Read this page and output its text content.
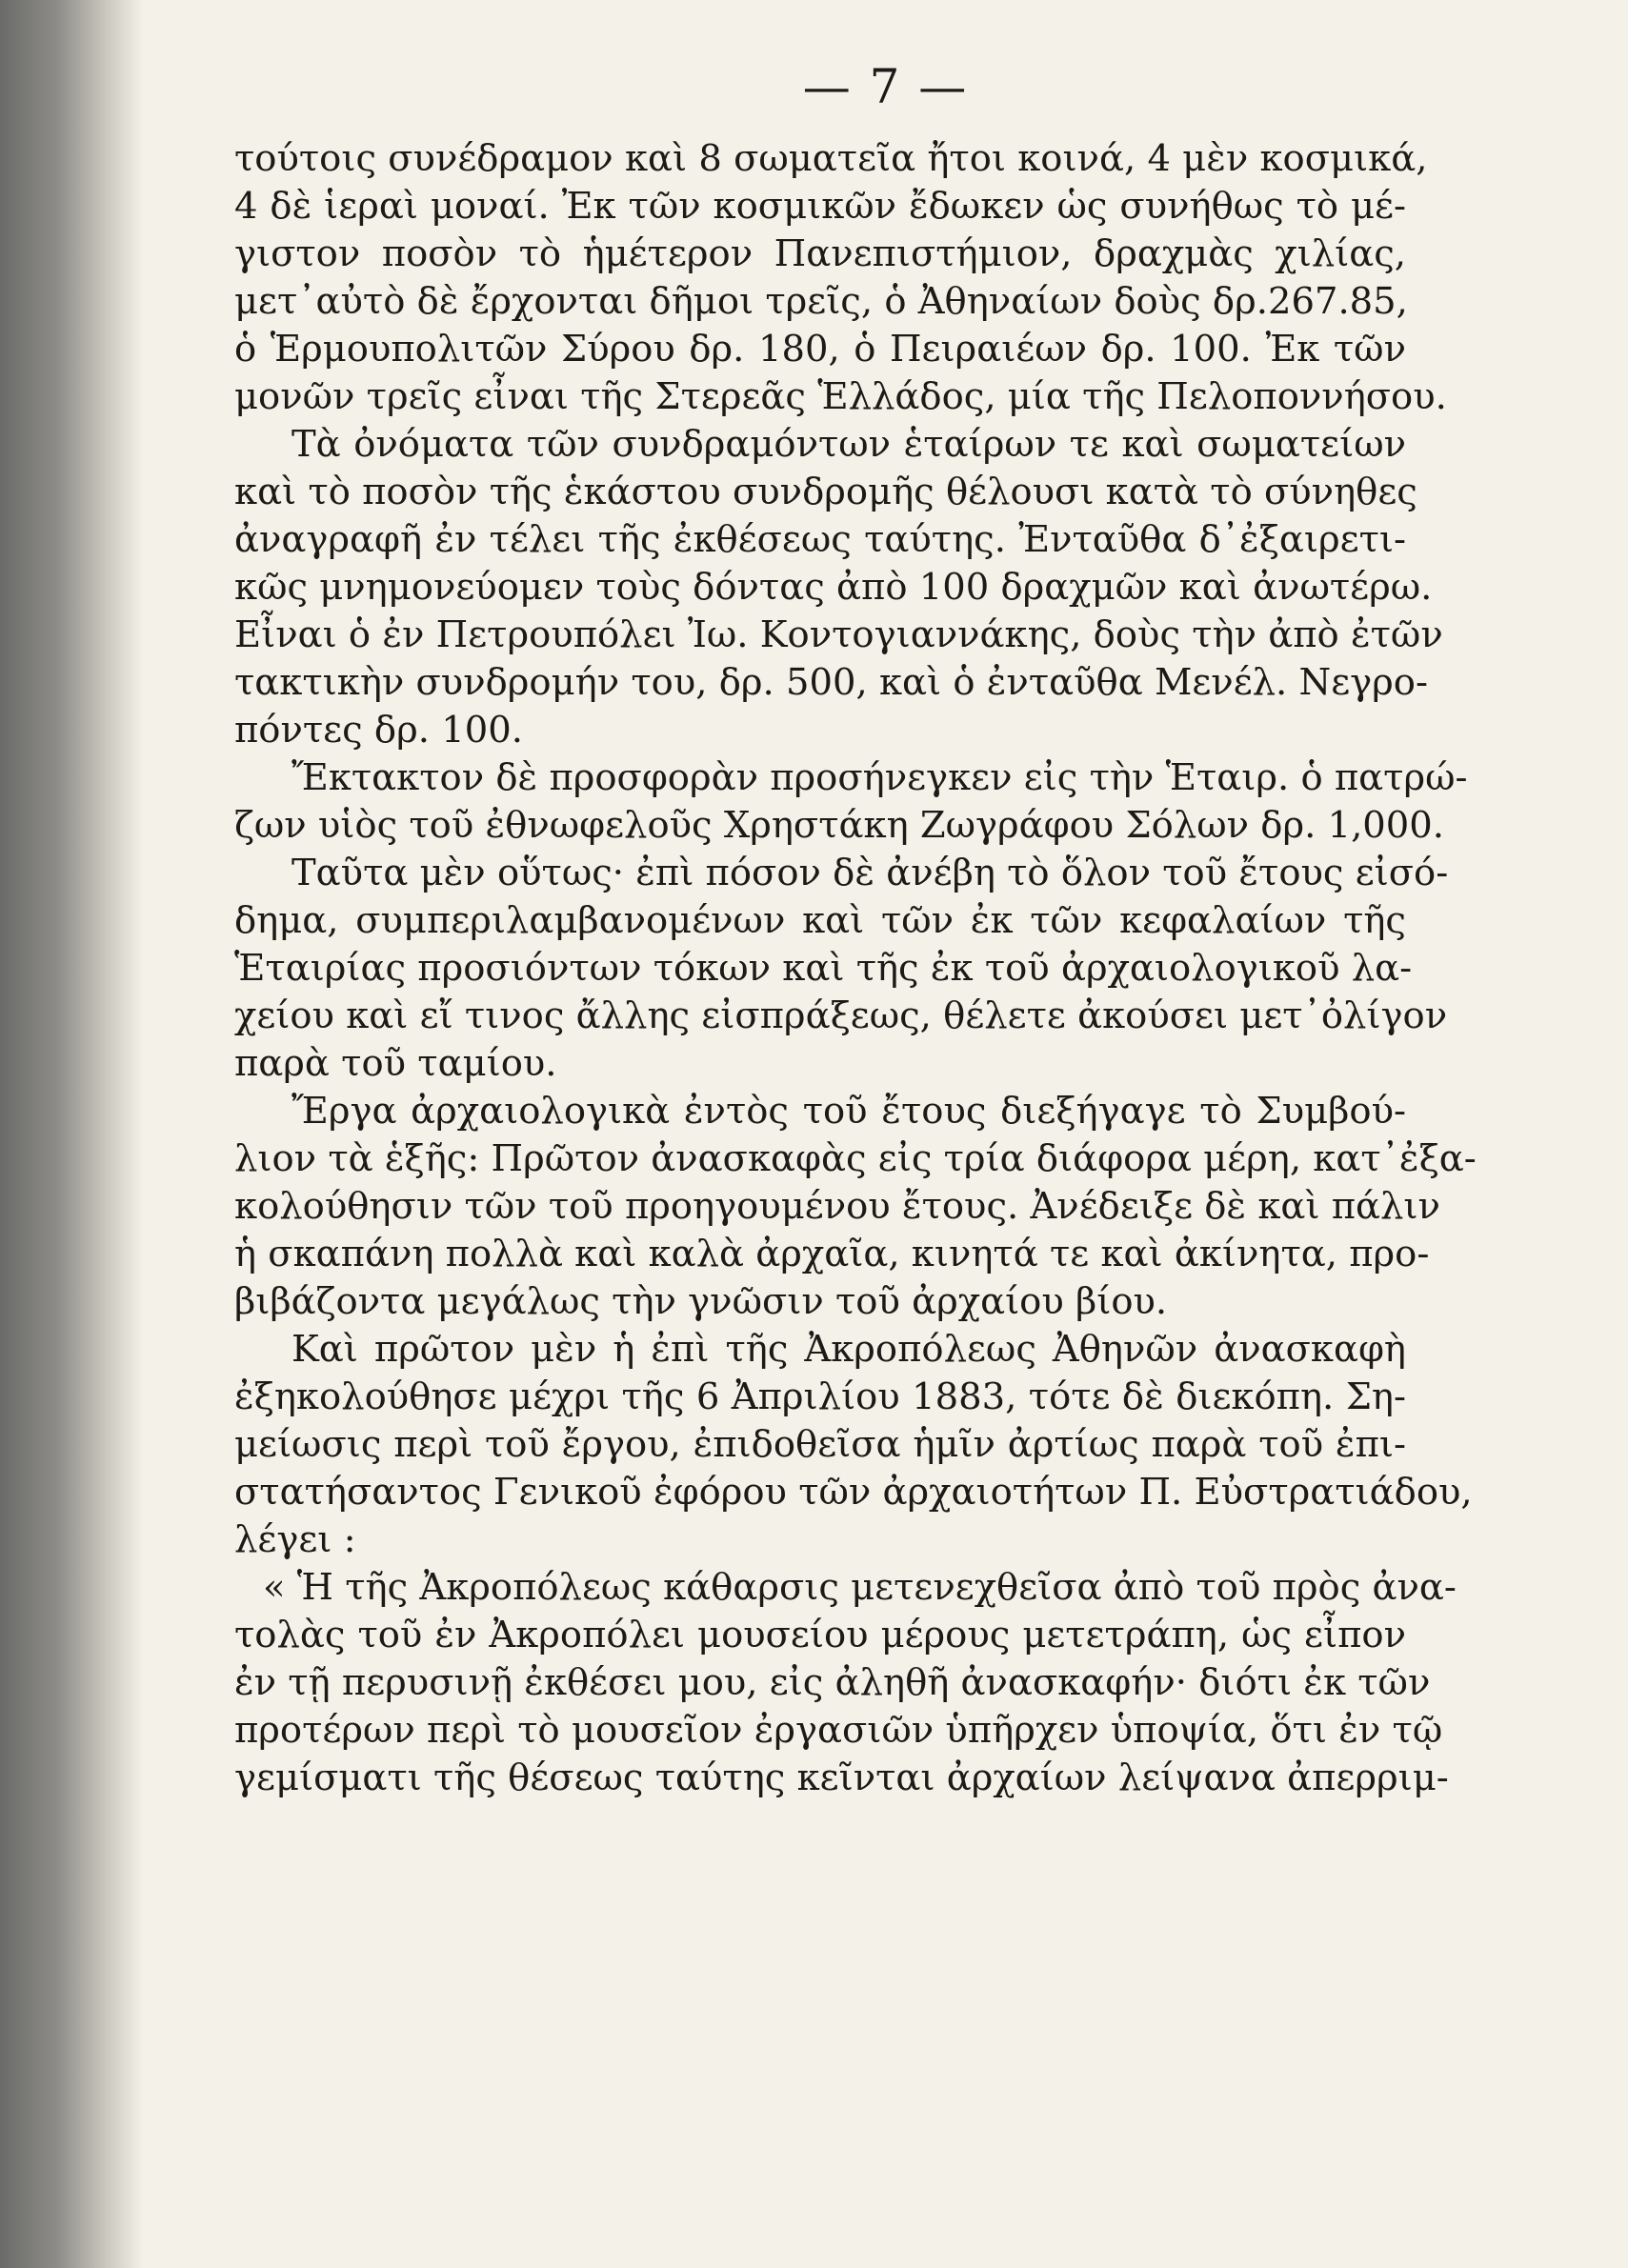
— 7 —
τούτοις συνέδραμον καὶ 8 σωματεῖα ἤτοι κοινά, 4 μὲν κοσμικά,
4 δὲ ἱεραὶ μοναί. Ἐκ τῶν κοσμικῶν ἔδωκεν ὡς συνήθως τὸ μέ-
γιστον ποσὸν τὸ ἡμέτερον Πανεπιστήμιον, δραχμὰς χιλίας,
μετ᾽αὐτὸ δὲ ἔρχονται δῆμοι τρεῖς, ὁ Ἀθηναίων δοὺς δρ.267.85,
ὁ Ἑρμουπολιτῶν Σύρου δρ. 180, ὁ Πειραιέων δρ. 100. Ἐκ τῶν
μονῶν τρεῖς εἶναι τῆς Στερεᾶς Ἑλλάδος, μία τῆς Πελοποννήσου.
Τὰ ὀνόματα τῶν συνδραμόντων ἑταίρων τε καὶ σωματείων
καὶ τὸ ποσὸν τῆς ἑκάστου συνδρομῆς θέλουσι κατὰ τὸ σύνηθες
ἀναγραφῆ ἐν τέλει τῆς ἐκθέσεως ταύτης. Ἐνταῦθα δ᾽ἐξαιρετι-
κῶς μνημονεύομεν τοὺς δόντας ἀπὸ 100 δραχμῶν καὶ ἀνωτέρω.
Εἶναι ὁ ἐν Πετρουπόλει Ἰω. Κοντογιαννάκης, δοὺς τὴν ἀπὸ ἐτῶν
τακτικὴν συνδρομήν του, δρ. 500, καὶ ὁ ἐνταῦθα Μενέλ. Νεγρο-
πόντες δρ. 100.
Ἔκτακτον δὲ προσφορὰν προσήνεγκεν εἰς τὴν Ἑταιρ. ὁ πατρώ-
ζων υἱὸς τοῦ ἐθνωφελοῦς Χρηστάκη Ζωγράφου Σόλων δρ. 1,000.
Ταῦτα μὲν οὕτως· ἐπὶ πόσον δὲ ἀνέβη τὸ ὅλον τοῦ ἔτους εἰσό-
δημα, συμπεριλαμβανομένων καὶ τῶν ἐκ τῶν κεφαλαίων τῆς
Ἑταιρίας προσιόντων τόκων καὶ τῆς ἐκ τοῦ ἀρχαιολογικοῦ λα-
χείου καὶ εἴ τινος ἄλλης εἰσπράξεως, θέλετε ἀκούσει μετ᾽ὀλίγον
παρὰ τοῦ ταμίου.
Ἔργα ἀρχαιολογικὰ ἐντὸς τοῦ ἔτους διεξήγαγε τὸ Συμβού-
λιον τὰ ἑξῆς: Πρῶτον ἀνασκαφὰς εἰς τρία διάφορα μέρη, κατ᾽ἐξα-
κολούθησιν τῶν τοῦ προηγουμένου ἔτους. Ἀνέδειξε δὲ καὶ πάλιν
ἡ σκαπάνη πολλὰ καὶ καλὰ ἀρχαῖα, κινητά τε καὶ ἀκίνητα, προ-
βιβάζοντα μεγάλως τὴν γνῶσιν τοῦ ἀρχαίου βίου.
Καὶ πρῶτον μὲν ἡ ἐπὶ τῆς Ἀκροπόλεως Ἀθηνῶν ἀνασκαφὴ
ἐξηκολούθησε μέχρι τῆς 6 Ἀπριλίου 1883, τότε δὲ διεκόπη. Ση-
μείωσις περὶ τοῦ ἔργου, ἐπιδοθεῖσα ἡμῖν ἀρτίως παρὰ τοῦ ἐπι-
στατήσαντος Γενικοῦ ἐφόρου τῶν ἀρχαιοτήτων Π. Εὐστρατιάδου,
λέγει :
« Ἡ τῆς Ἀκροπόλεως κάθαρσις μετενεχθεῖσα ἀπὸ τοῦ πρὸς ἀνα-
τολὰς τοῦ ἐν Ἀκροπόλει μουσείου μέρους μετετράπη, ὡς εἶπον
ἐν τῇ περυσινῇ ἐκθέσει μου, εἰς ἀληθῆ ἀνασκαφήν· διότι ἐκ τῶν
προτέρων περὶ τὸ μουσεῖον ἐργασιῶν ὑπῆρχεν ὑποψία, ὅτι ἐν τῷ
γεμίσματι τῆς θέσεως ταύτης κεῖνται ἀρχαίων λείψανα ἀπερριμ-
